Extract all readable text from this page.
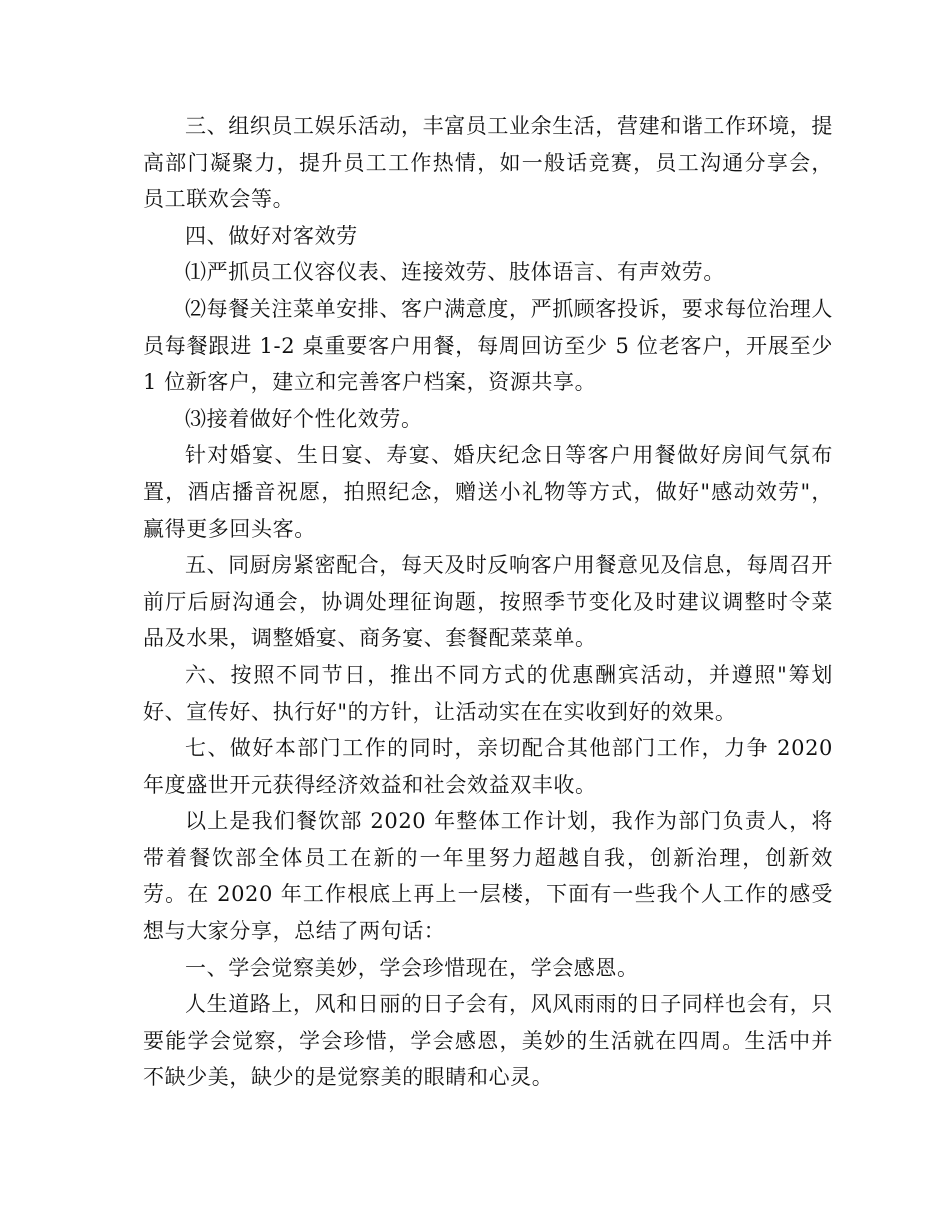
三、组织员工娱乐活动，丰富员工业余生活，营建和谐工作环境，提高部门凝聚力，提升员工工作热情，如一般话竞赛，员工沟通分享会，员工联欢会等。

四、做好对客效劳

⑴严抓员工仪容仪表、连接效劳、肢体语言、有声效劳。

⑵每餐关注菜单安排、客户满意度，严抓顾客投诉，要求每位治理人员每餐跟进 1-2 桌重要客户用餐，每周回访至少 5 位老客户，开展至少 1 位新客户，建立和完善客户档案，资源共享。

⑶接着做好个性化效劳。

针对婚宴、生日宴、寿宴、婚庆纪念日等客户用餐做好房间气氛布置，酒店播音祝愿，拍照纪念，赠送小礼物等方式，做好"感动效劳"，赢得更多回头客。

五、同厨房紧密配合，每天及时反响客户用餐意见及信息，每周召开前厅后厨沟通会，协调处理征询题，按照季节变化及时建议调整时令菜品及水果，调整婚宴、商务宴、套餐配菜菜单。

六、按照不同节日，推出不同方式的优惠酬宾活动，并遵照"筹划好、宣传好、执行好"的方针，让活动实在在实收到好的效果。

七、做好本部门工作的同时，亲切配合其他部门工作，力争 2020 年度盛世开元获得经济效益和社会效益双丰收。

以上是我们餐饮部 2020 年整体工作计划，我作为部门负责人，将带着餐饮部全体员工在新的一年里努力超越自我，创新治理，创新效劳。在 2020 年工作根底上再上一层楼，下面有一些我个人工作的感受想与大家分享，总结了两句话：

一、学会觉察美妙，学会珍惜现在，学会感恩。

人生道路上，风和日丽的日子会有，风风雨雨的日子同样也会有，只要能学会觉察，学会珍惜，学会感恩，美妙的生活就在四周。生活中并不缺少美，缺少的是觉察美的眼睛和心灵。
